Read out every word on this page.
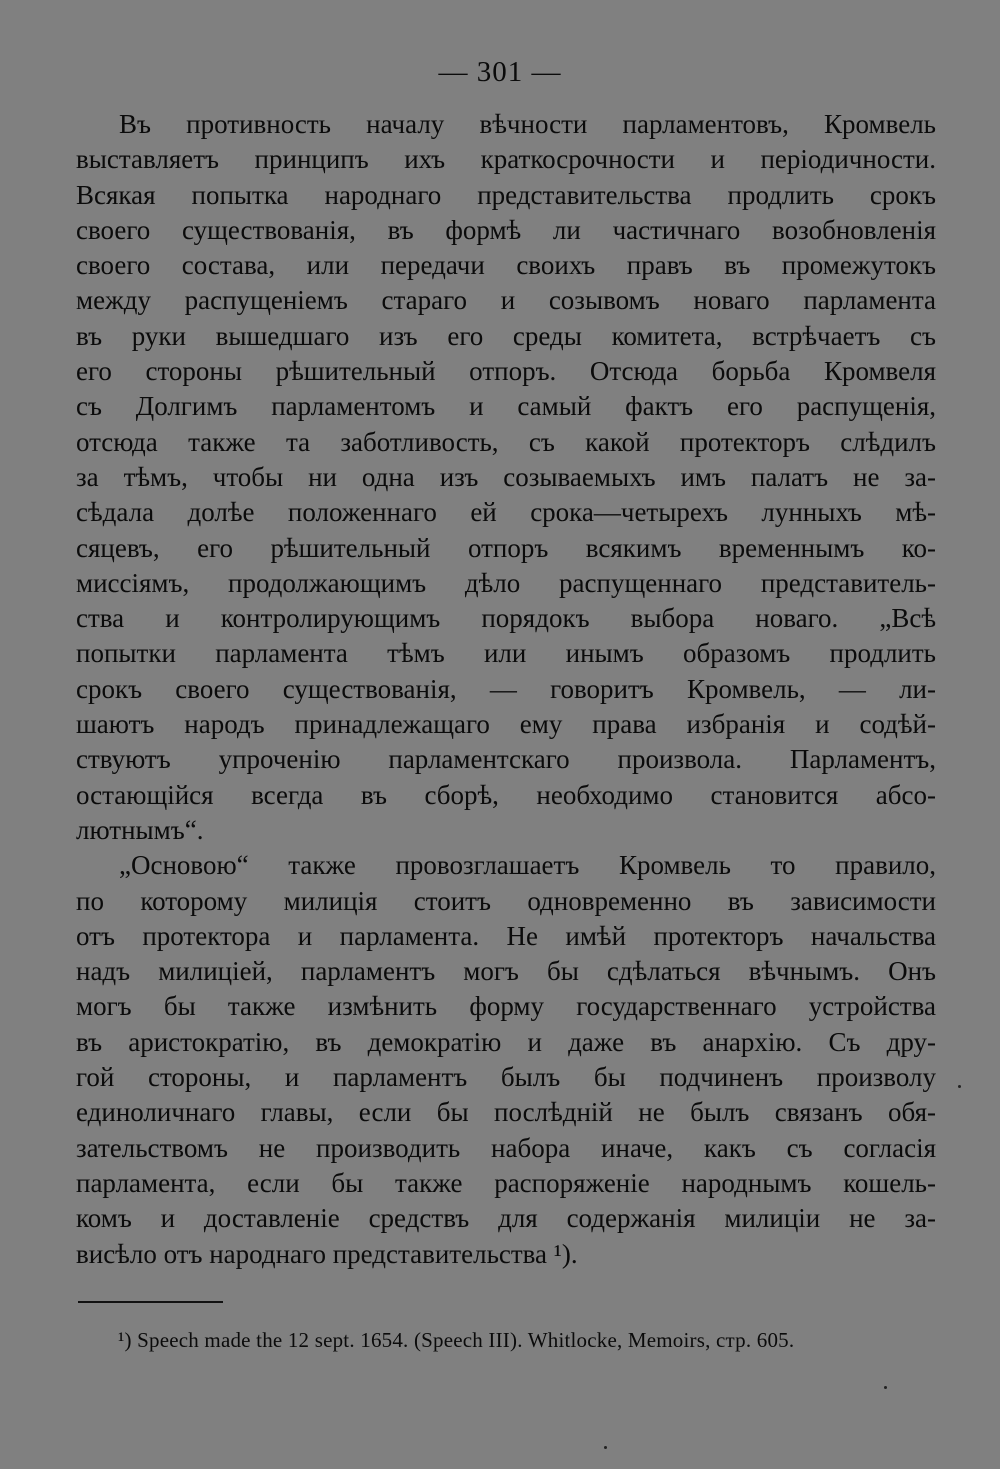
— 301 —
Въ противность началу вѣчности парламентовъ, Кромвель
выставляетъ принципъ ихъ краткосрочности и періодичности.
Всякая попытка народнаго представительства продлить срокъ
своего существованія, въ формѣ ли частичнаго возобновленія
своего состава, или передачи своихъ правъ въ промежутокъ
между распущеніемъ стараго и созывомъ новаго парламента
въ руки вышедшаго изъ его среды комитета, встрѣчаетъ съ
его стороны рѣшительный отпоръ. Отсюда борьба Кромвеля
съ Долгимъ парламентомъ и самый фактъ его распущенія,
отсюда также та заботливость, съ какой протекторъ слѣдилъ
за тѣмъ, чтобы ни одна изъ созываемыхъ имъ палатъ не за-
сѣдала долѣе положеннаго ей срока—четырехъ лунныхъ мѣ-
сяцевъ, его рѣшительный отпоръ всякимъ временнымъ ко-
миссіямъ, продолжающимъ дѣло распущеннаго представитель-
ства и контролирующимъ порядокъ выбора новаго. „Всѣ
попытки парламента тѣмъ или инымъ образомъ продлить
срокъ своего существованія, — говоритъ Кромвель, — ли-
шаютъ народъ принадлежащаго ему права избранія и содѣй-
ствуютъ упроченію парламентскаго произвола. Парламентъ,
остающійся всегда въ сборѣ, необходимо становится абсо-
лютнымъ“.
„Основою“ также провозглашаетъ Кромвель то правило,
по которому милиція стоитъ одновременно въ зависимости
отъ протектора и парламента. Не имѣй протекторъ начальства
надъ милиціей, парламентъ могъ бы сдѣлаться вѣчнымъ. Онъ
могъ бы также измѣнить форму государственнаго устройства
въ аристократію, въ демократію и даже въ анархію. Съ дру-
гой стороны, и парламентъ былъ бы подчиненъ произволу
единоличнаго главы, если бы послѣдній не былъ связанъ обя-
зательствомъ не производить набора иначе, какъ съ согласія
парламента, если бы также распоряженіе народнымъ кошель-
комъ и доставленіе средствъ для содержанія милиціи не за-
висѣло отъ народнаго представительства ¹).
¹) Speech made the 12 sept. 1654. (Speech III). Whitlocke, Memoirs, стр. 605.
